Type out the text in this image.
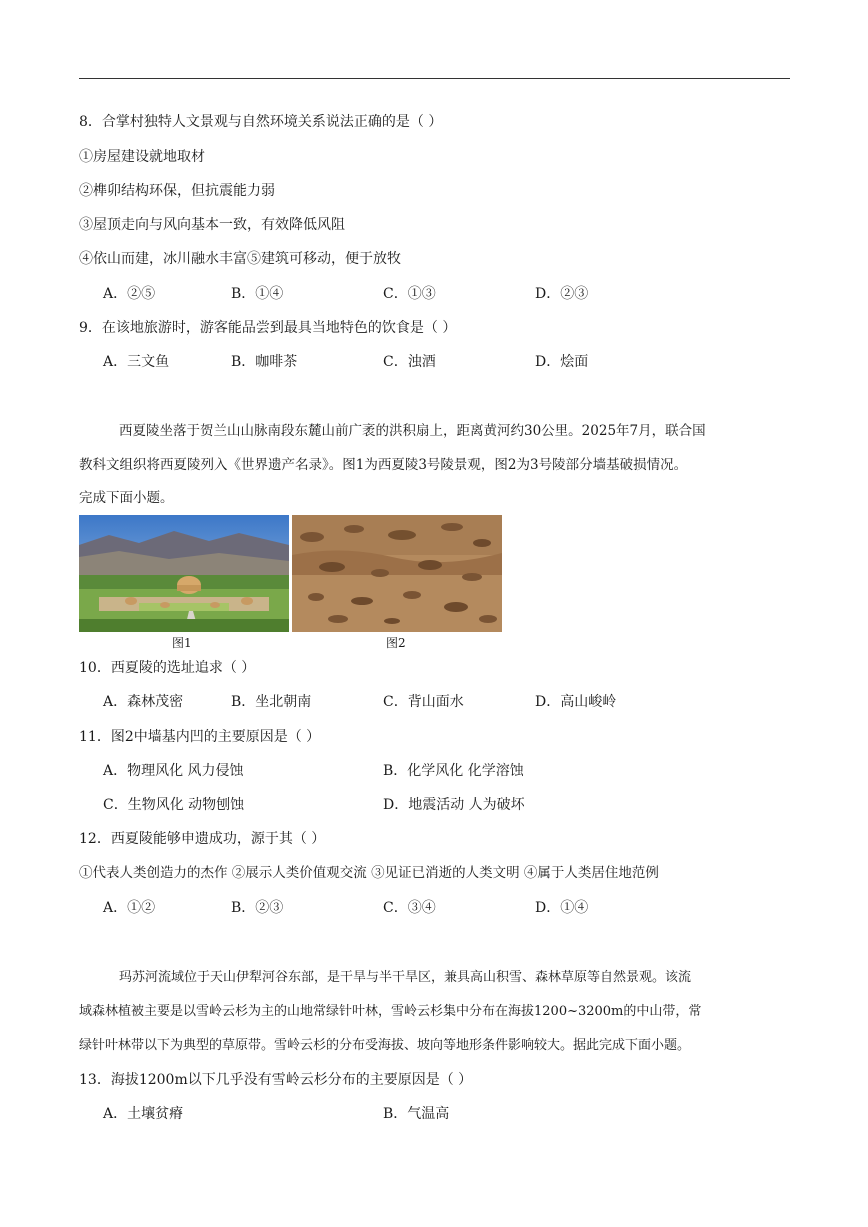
8．合掌村独特人文景观与自然环境关系说法正确的是（ ）
①房屋建设就地取材
②榫卯结构环保，但抗震能力弱
③屋顶走向与风向基本一致，有效降低风阻
④依山而建，冰川融水丰富⑤建筑可移动，便于放牧
A．②⑤	B．①④	C．①③	D．②③
9．在该地旅游时，游客能品尝到最具当地特色的饮食是（ ）
A．三文鱼	B．咖啡茶	C．浊酒	D．烩面
西夏陵坐落于贺兰山山脉南段东麓山前广袤的洪积扇上，距离黄河约30公里。2025年7月，联合国
教科文组织将西夏陵列入《世界遗产名录》。图1为西夏陵3号陵景观，图2为3号陵部分墙基破损情况。
完成下面小题。
图1	图2
10．西夏陵的选址追求（ ）
A．森林茂密	B．坐北朝南	C．背山面水	D．高山峻岭
11．图2中墙基内凹的主要原因是（ ）
A．物理风化 风力侵蚀	B．化学风化 化学溶蚀
C．生物风化 动物刨蚀	D．地震活动 人为破坏
12．西夏陵能够申遗成功，源于其（ ）
①代表人类创造力的杰作 ②展示人类价值观交流 ③见证已消逝的人类文明 ④属于人类居住地范例
A．①②	B．②③	C．③④	D．①④
玛苏河流域位于天山伊犁河谷东部，是干旱与半干旱区，兼具高山积雪、森林草原等自然景观。该流
域森林植被主要是以雪岭云杉为主的山地常绿针叶林，雪岭云杉集中分布在海拔1200~3200m的中山带，常
绿针叶林带以下为典型的草原带。雪岭云杉的分布受海拔、坡向等地形条件影响较大。据此完成下面小题。
13．海拔1200m以下几乎没有雪岭云杉分布的主要原因是（ ）
A．土壤贫瘠	B．气温高
